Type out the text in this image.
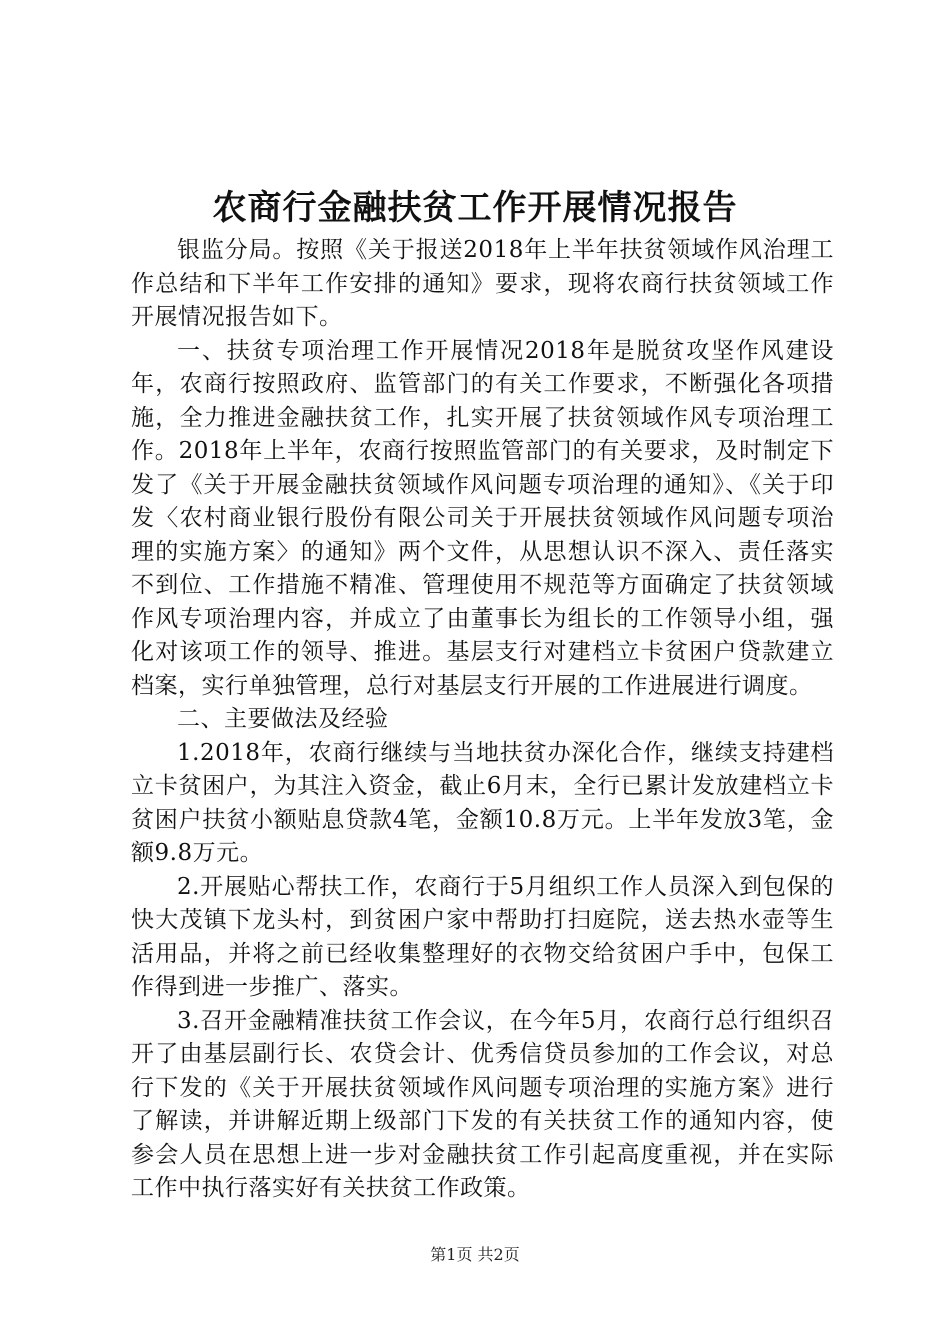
农商行金融扶贫工作开展情况报告

银监分局。按照《关于报送2018年上半年扶贫领域作风治理工作总结和下半年工作安排的通知》要求，现将农商行扶贫领域工作开展情况报告如下。

一、扶贫专项治理工作开展情况2018年是脱贫攻坚作风建设年，农商行按照政府、监管部门的有关工作要求，不断强化各项措施，全力推进金融扶贫工作，扎实开展了扶贫领域作风专项治理工作。2018年上半年，农商行按照监管部门的有关要求，及时制定下发了《关于开展金融扶贫领域作风问题专项治理的通知》、《关于印发〈农村商业银行股份有限公司关于开展扶贫领域作风问题专项治理的实施方案〉的通知》两个文件，从思想认识不深入、责任落实不到位、工作措施不精准、管理使用不规范等方面确定了扶贫领域作风专项治理内容，并成立了由董事长为组长的工作领导小组，强化对该项工作的领导、推进。基层支行对建档立卡贫困户贷款建立档案，实行单独管理，总行对基层支行开展的工作进展进行调度。

二、主要做法及经验

1.2018年，农商行继续与当地扶贫办深化合作，继续支持建档立卡贫困户，为其注入资金，截止6月末，全行已累计发放建档立卡贫困户扶贫小额贴息贷款4笔，金额10.8万元。上半年发放3笔，金额9.8万元。

2.开展贴心帮扶工作，农商行于5月组织工作人员深入到包保的快大茂镇下龙头村，到贫困户家中帮助打扫庭院，送去热水壶等生活用品，并将之前已经收集整理好的衣物交给贫困户手中，包保工作得到进一步推广、落实。

3.召开金融精准扶贫工作会议，在今年5月，农商行总行组织召开了由基层副行长、农贷会计、优秀信贷员参加的工作会议，对总行下发的《关于开展扶贫领域作风问题专项治理的实施方案》进行了解读，并讲解近期上级部门下发的有关扶贫工作的通知内容，使参会人员在思想上进一步对金融扶贫工作引起高度重视，并在实际工作中执行落实好有关扶贫工作政策。

第1页 共2页
